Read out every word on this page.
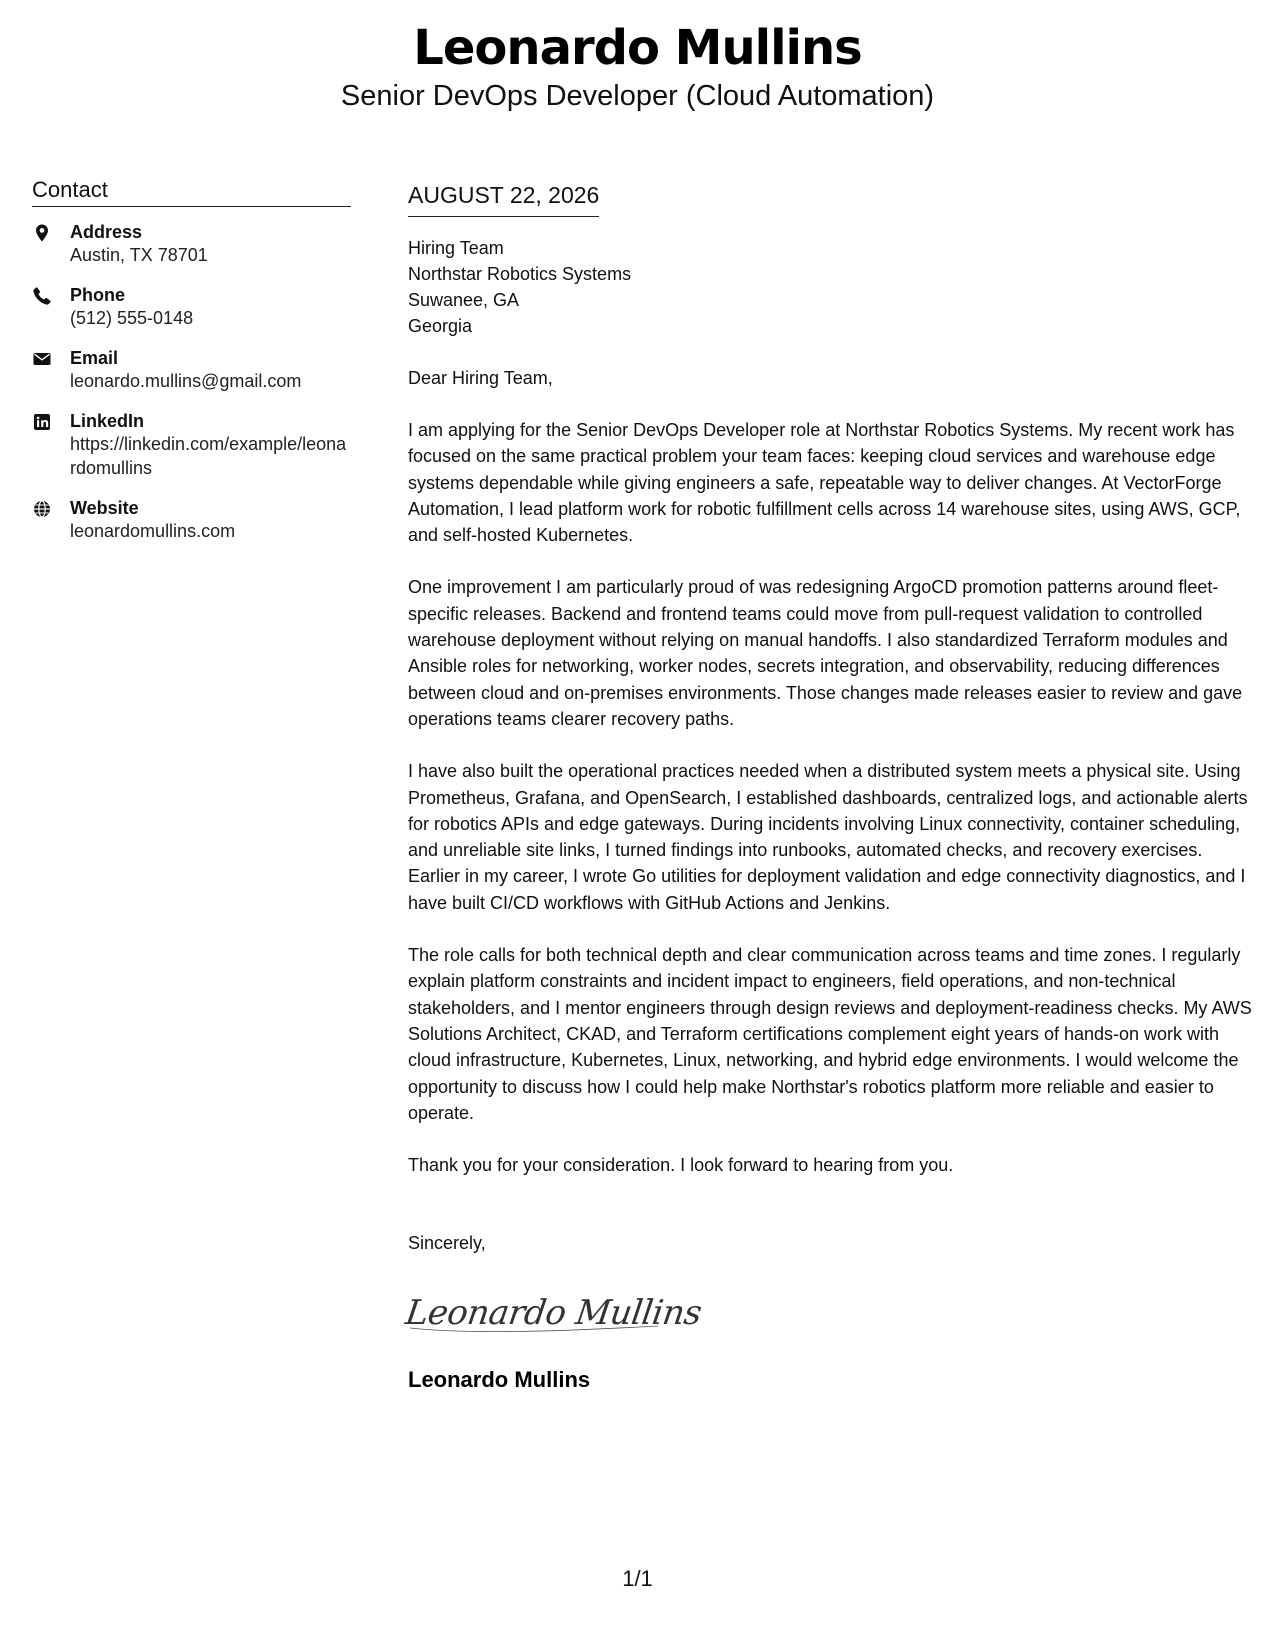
Leonardo Mullins
Senior DevOps Developer (Cloud Automation)
Contact
Address
Austin, TX 78701
Phone
(512) 555-0148
Email
leonardo.mullins@gmail.com
LinkedIn
https://linkedin.com/example/leonardomullins
Website
leonardomullins.com
AUGUST 22, 2026
Hiring Team
Northstar Robotics Systems
Suwanee, GA
Georgia
Dear Hiring Team,
I am applying for the Senior DevOps Developer role at Northstar Robotics Systems. My recent work has focused on the same practical problem your team faces: keeping cloud services and warehouse edge systems dependable while giving engineers a safe, repeatable way to deliver changes. At VectorForge Automation, I lead platform work for robotic fulfillment cells across 14 warehouse sites, using AWS, GCP, and self-hosted Kubernetes.
One improvement I am particularly proud of was redesigning ArgoCD promotion patterns around fleet-specific releases. Backend and frontend teams could move from pull-request validation to controlled warehouse deployment without relying on manual handoffs. I also standardized Terraform modules and Ansible roles for networking, worker nodes, secrets integration, and observability, reducing differences between cloud and on-premises environments. Those changes made releases easier to review and gave operations teams clearer recovery paths.
I have also built the operational practices needed when a distributed system meets a physical site. Using Prometheus, Grafana, and OpenSearch, I established dashboards, centralized logs, and actionable alerts for robotics APIs and edge gateways. During incidents involving Linux connectivity, container scheduling, and unreliable site links, I turned findings into runbooks, automated checks, and recovery exercises. Earlier in my career, I wrote Go utilities for deployment validation and edge connectivity diagnostics, and I have built CI/CD workflows with GitHub Actions and Jenkins.
The role calls for both technical depth and clear communication across teams and time zones. I regularly explain platform constraints and incident impact to engineers, field operations, and non-technical stakeholders, and I mentor engineers through design reviews and deployment-readiness checks. My AWS Solutions Architect, CKAD, and Terraform certifications complement eight years of hands-on work with cloud infrastructure, Kubernetes, Linux, networking, and hybrid edge environments. I would welcome the opportunity to discuss how I could help make Northstar's robotics platform more reliable and easier to operate.
Thank you for your consideration. I look forward to hearing from you.
Sincerely,
Leonardo Mullins
Leonardo Mullins
1/1
